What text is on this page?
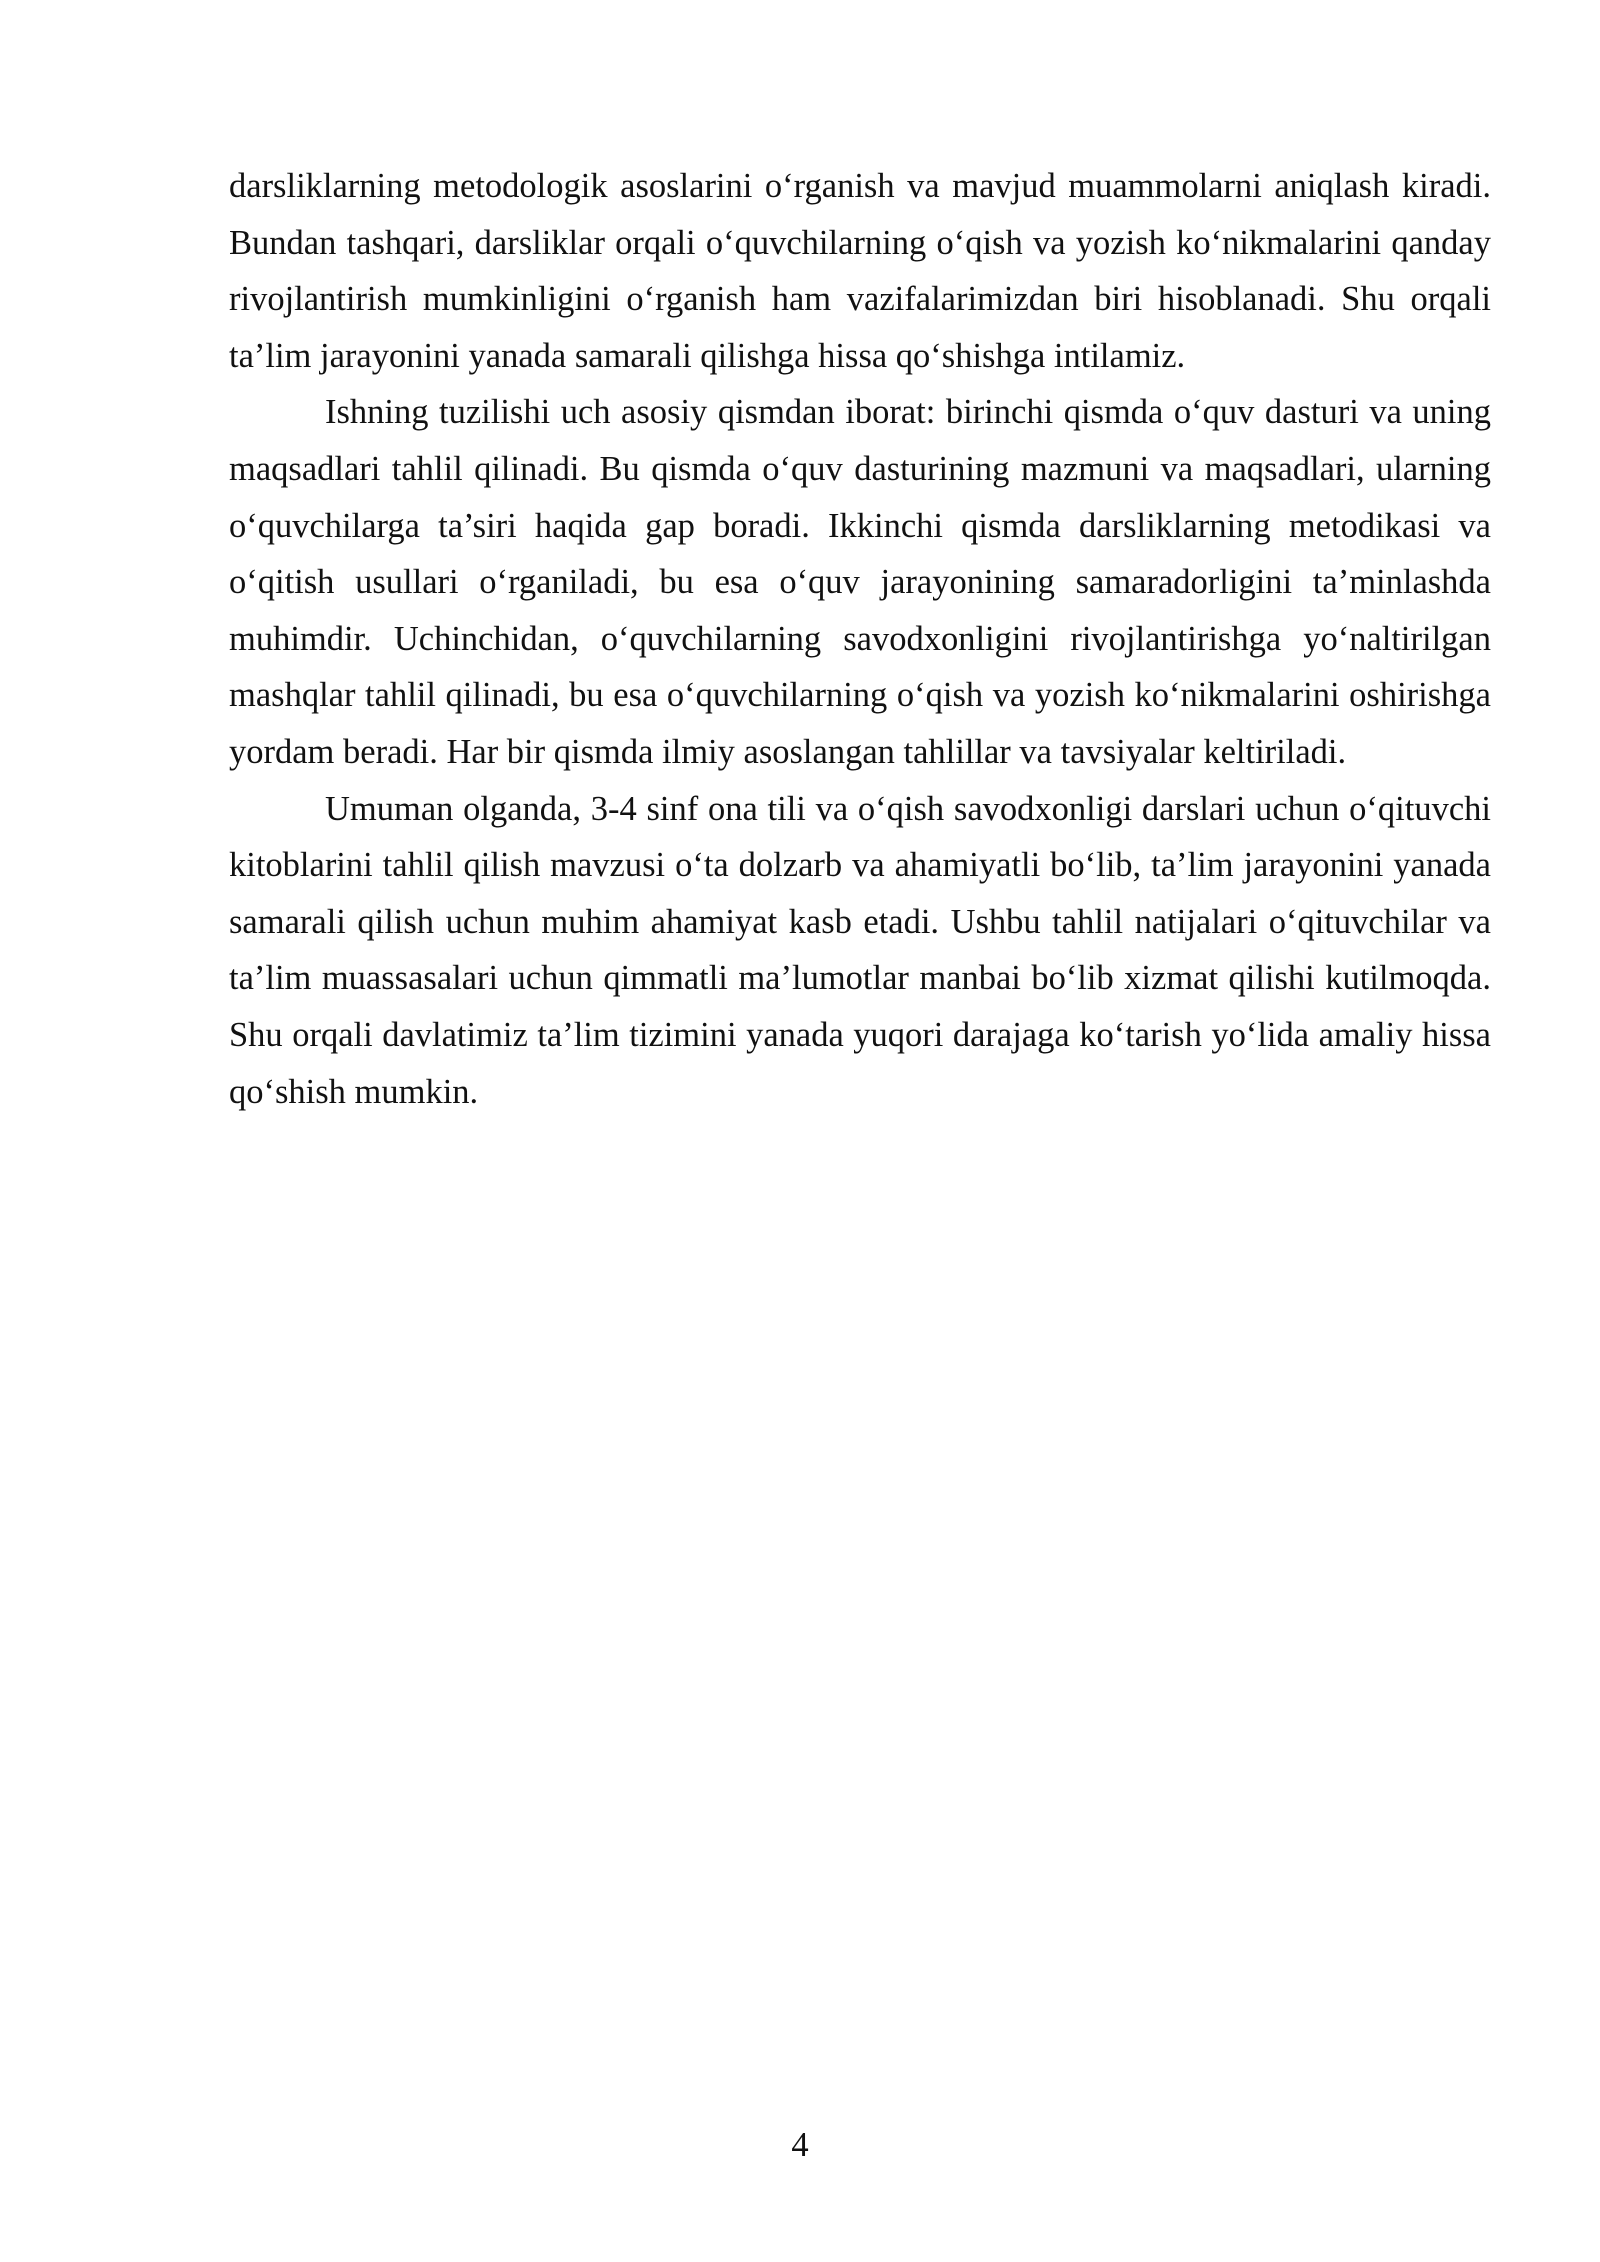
darsliklarning metodologik asoslarini o‘rganish va mavjud muammolarni aniqlash kiradi. Bundan tashqari, darsliklar orqali o‘quvchilarning o‘qish va yozish ko‘nikmalarini qanday rivojlantirish mumkinligini o‘rganish ham vazifalarimizdan biri hisoblanadi. Shu orqali ta’lim jarayonini yanada samarali qilishga hissa qo‘shishga intilamiz.

Ishning tuzilishi uch asosiy qismdan iborat: birinchi qismda o‘quv dasturi va uning maqsadlari tahlil qilinadi. Bu qismda o‘quv dasturining mazmuni va maqsadlari, ularning o‘quvchilarga ta’siri haqida gap boradi. Ikkinchi qismda darsliklarning metodikasi va o‘qitish usullari o‘rganiladi, bu esa o‘quv jarayonining samaradorligini ta’minlashda muhimdir. Uchinchidan, o‘quvchilarning savodxonligini rivojlantirishga yo‘naltirilgan mashqlar tahlil qilinadi, bu esa o‘quvchilarning o‘qish va yozish ko‘nikmalarini oshirishga yordam beradi. Har bir qismda ilmiy asoslangan tahlillar va tavsiyalar keltiriladi.

Umuman olganda, 3-4 sinf ona tili va o‘qish savodxonligi darslari uchun o‘qituvchi kitoblarini tahlil qilish mavzusi o‘ta dolzarb va ahamiyatli bo‘lib, ta’lim jarayonini yanada samarali qilish uchun muhim ahamiyat kasb etadi. Ushbu tahlil natijalari o‘qituvchilar va ta’lim muassasalari uchun qimmatli ma’lumotlar manbai bo‘lib xizmat qilishi kutilmoqda. Shu orqali davlatimiz ta’lim tizimini yanada yuqori darajaga ko‘tarish yo‘lida amaliy hissa qo‘shish mumkin.

4
